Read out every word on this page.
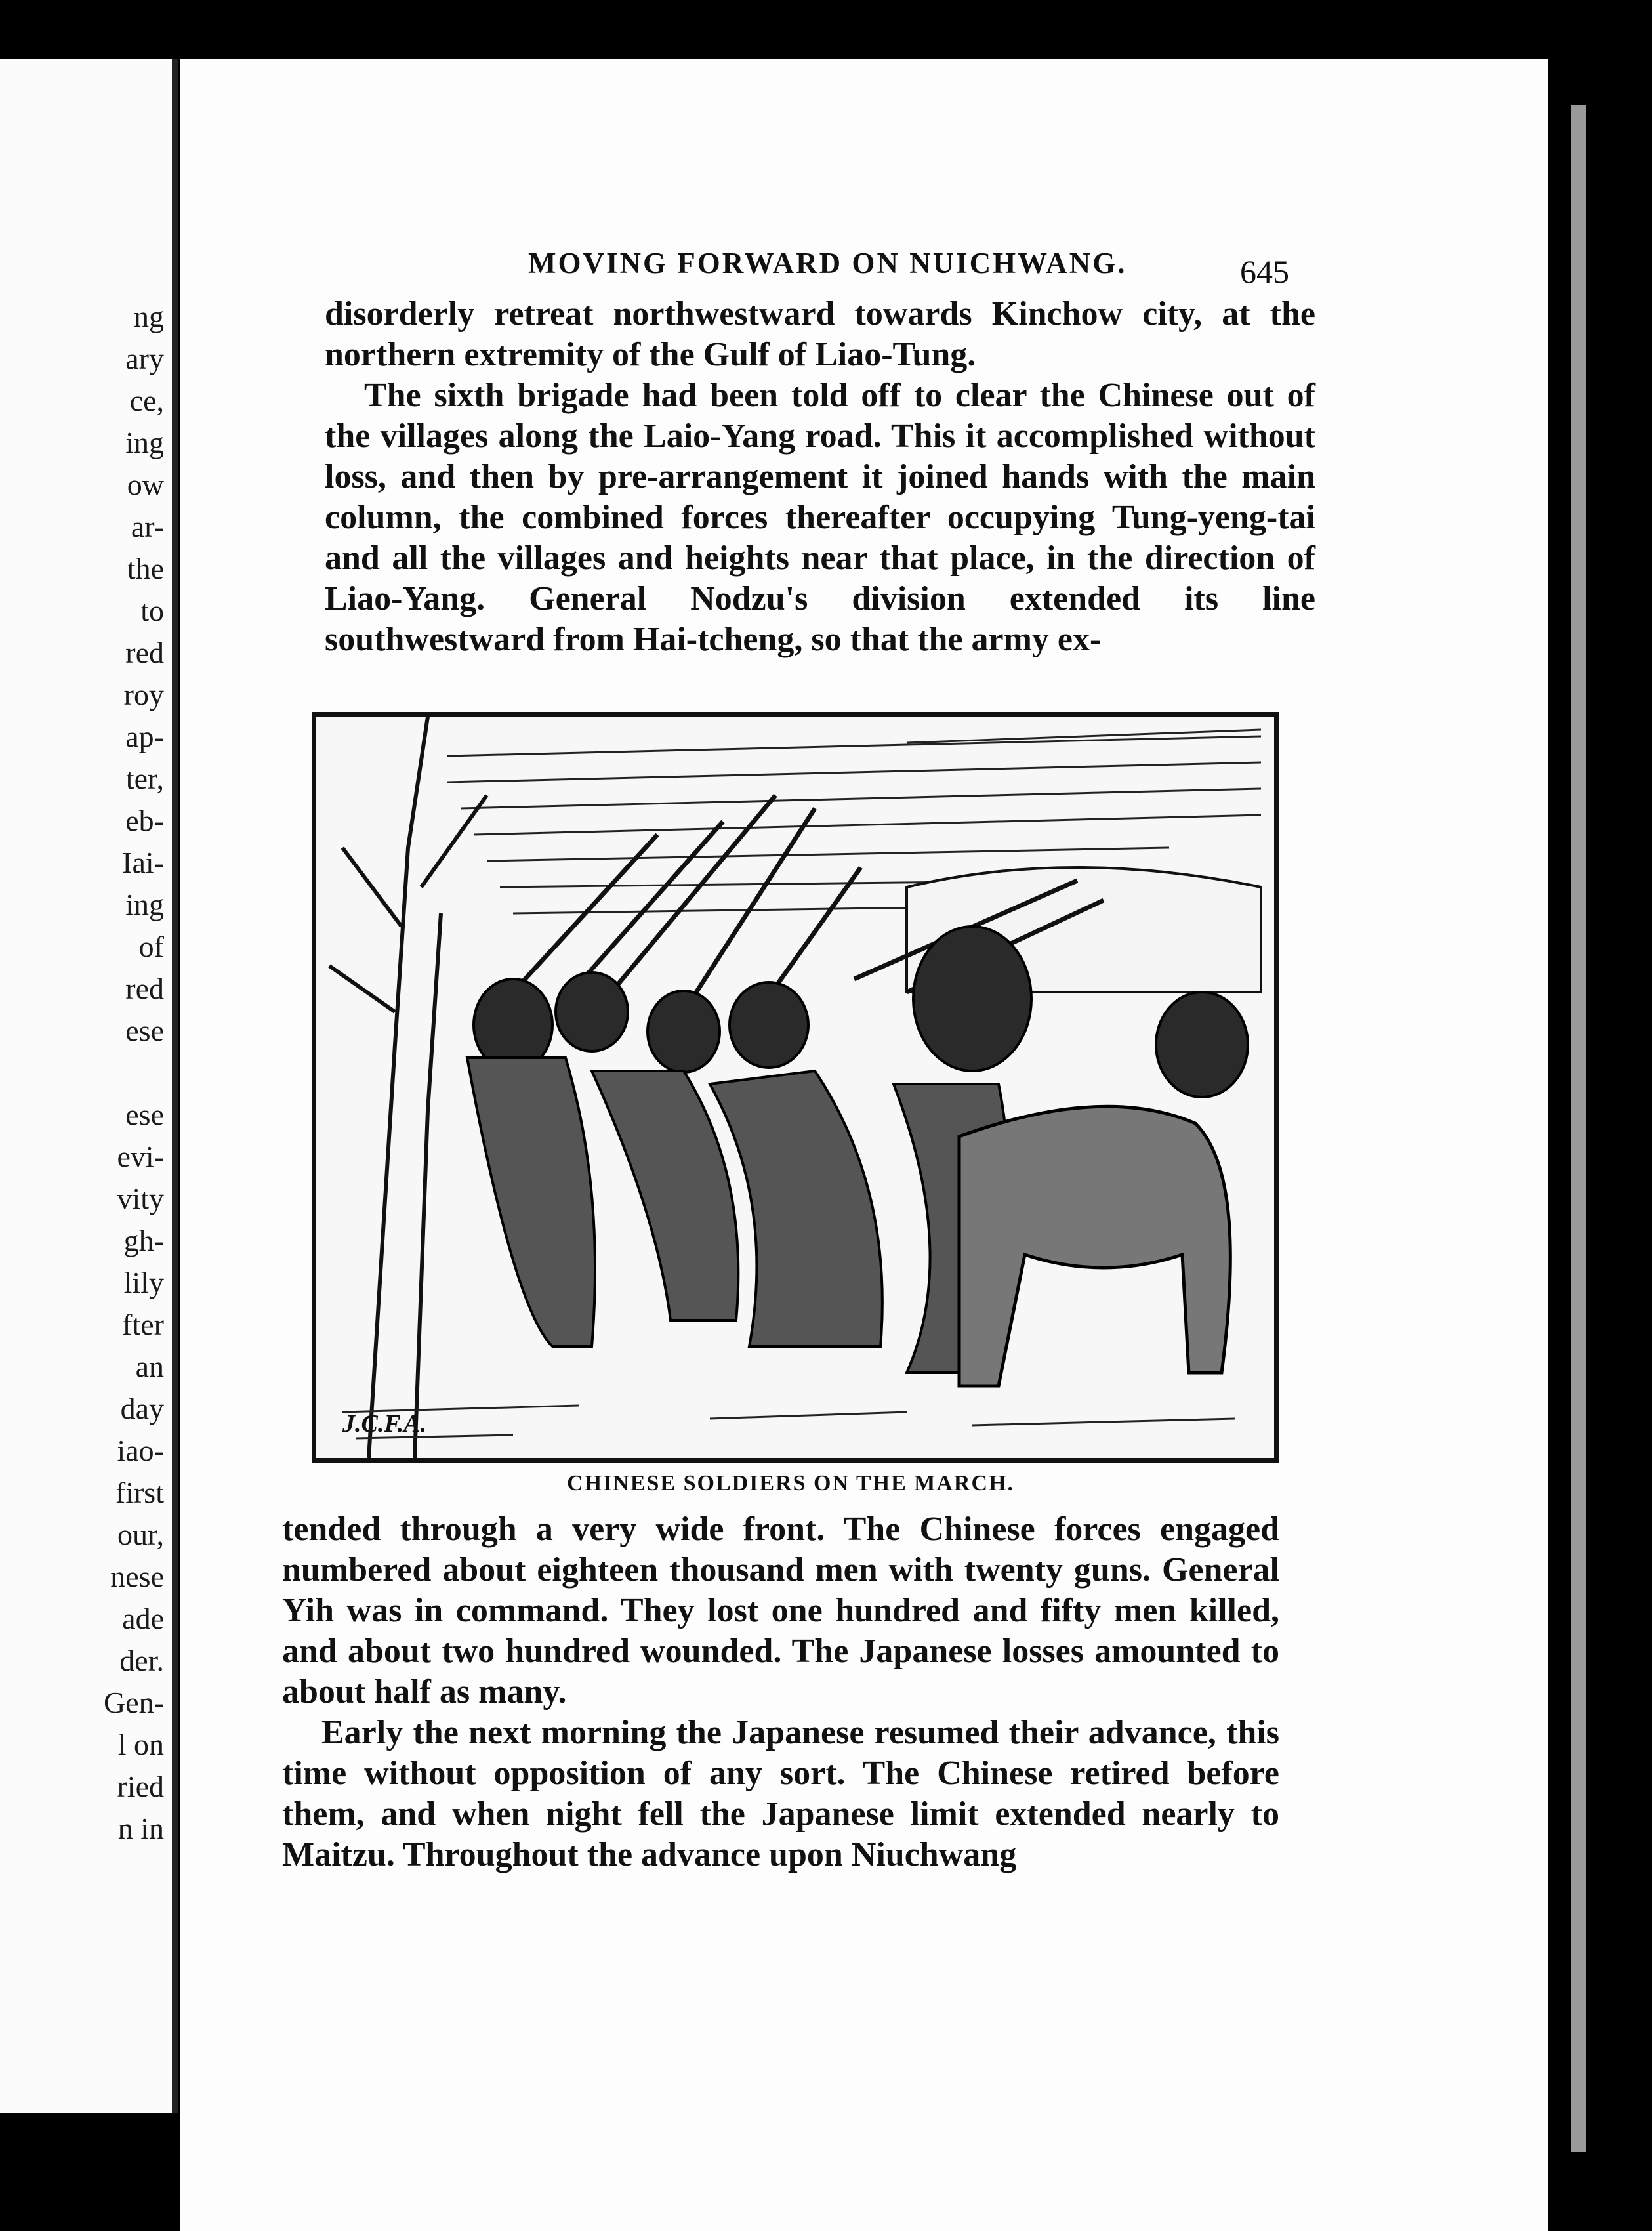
ng
ary
ce,
ing
ow
ar-
the
to
red
roy
ap-
ter,
eb-
Iai-
ing
of
red
ese
ese
evi-
vity
gh-
lily
fter
an
day
iao-
first
our,
nese
ade
der.
Gen-
l on
ried
n in
MOVING FORWARD ON NUICHWANG.	645

disorderly retreat northwestward towards Kinchow city, at the northern extremity of the Gulf of Liao-Tung.

The sixth brigade had been told off to clear the Chinese out of the villages along the Laio-Yang road. This it accomplished without loss, and then by pre-arrangement it joined hands with the main column, the combined forces thereafter occupying Tung-yeng-tai and all the villages and heights near that place, in the direction of Liao-Yang. General Nodzu's division extended its line southwestward from Hai-tcheng, so that the army ex-

J.C.F.A.
CHINESE SOLDIERS ON THE MARCH.

tended through a very wide front. The Chinese forces engaged numbered about eighteen thousand men with twenty guns. General Yih was in command. They lost one hundred and fifty men killed, and about two hundred wounded. The Japanese losses amounted to about half as many.

Early the next morning the Japanese resumed their advance, this time without opposition of any sort. The Chinese retired before them, and when night fell the Japanese limit extended nearly to Maitzu. Throughout the advance upon Niuchwang
